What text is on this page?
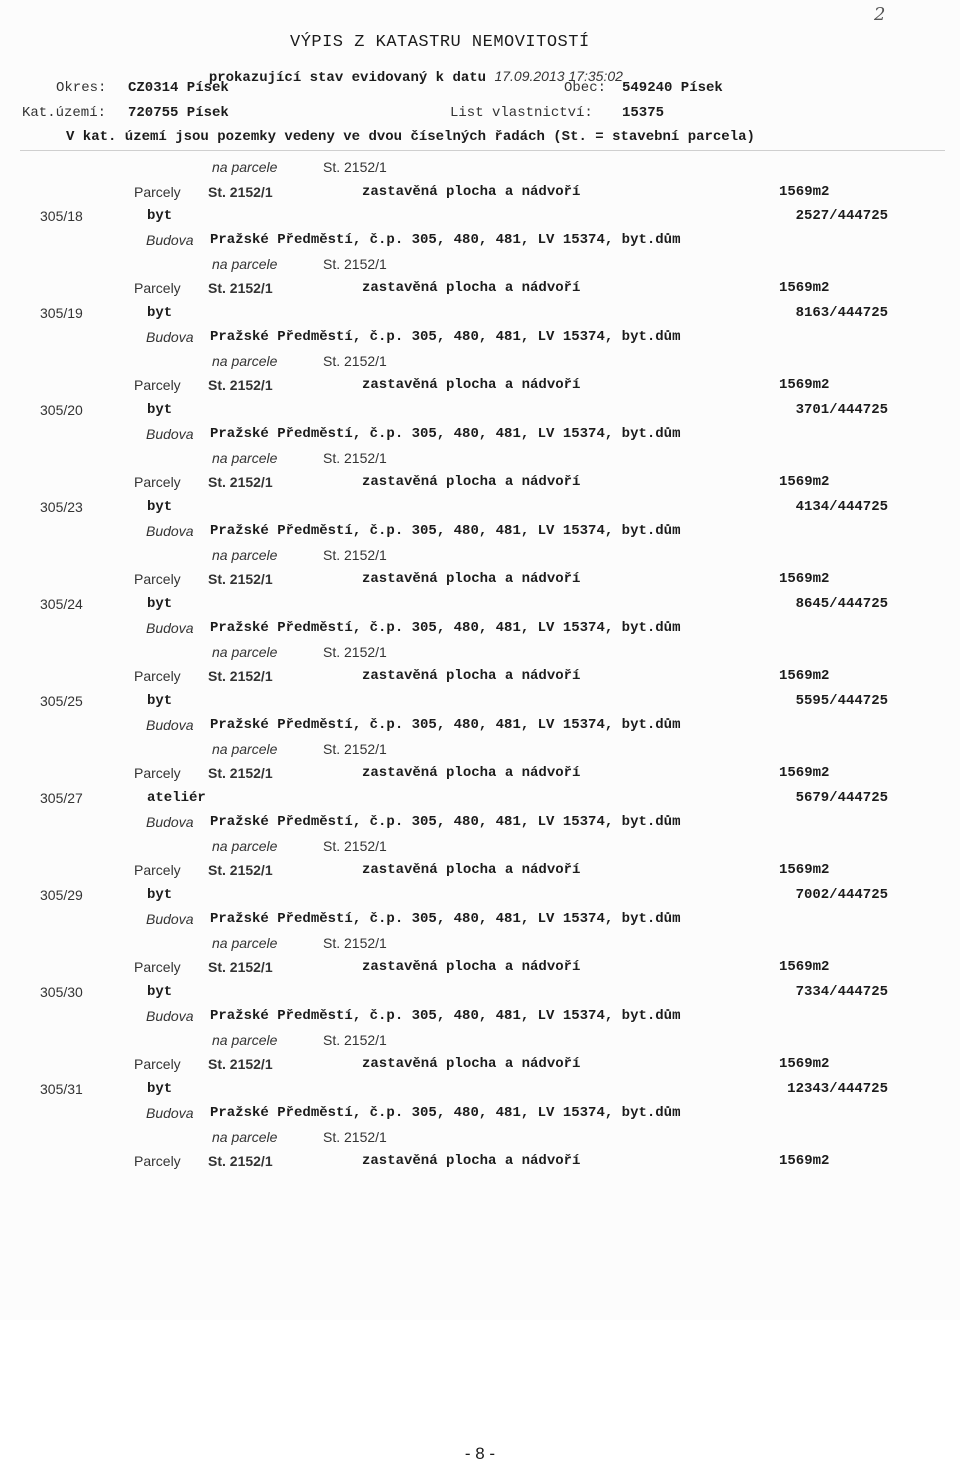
VÝPIS Z KATASTRU NEMOVITOSTÍ
2

prokazující stav evidovaný k datu 17.09.2013 17:35:02

Okres: CZ0314 Písek	Obec: 549240 Písek
Kat.území: 720755 Písek	List vlastnictví: 15375
V kat. území jsou pozemky vedeny ve dvou číselných řadách (St. = stavební parcela)
na parcele	St. 2152/1
Parcely St. 2152/1	zastavěná plocha a nádvoří	1569m2
305/18	byt	2527/444725
Budova Pražské Předměstí, č.p. 305, 480, 481, LV 15374, byt.dům
na parcele	St. 2152/1
Parcely St. 2152/1	zastavěná plocha a nádvoří	1569m2
305/19	byt	8163/444725
Budova Pražské Předměstí, č.p. 305, 480, 481, LV 15374, byt.dům
na parcele	St. 2152/1
Parcely St. 2152/1	zastavěná plocha a nádvoří	1569m2
305/20	byt	3701/444725
Budova Pražské Předměstí, č.p. 305, 480, 481, LV 15374, byt.dům
na parcele	St. 2152/1
Parcely St. 2152/1	zastavěná plocha a nádvoří	1569m2
305/23	byt	4134/444725
Budova Pražské Předměstí, č.p. 305, 480, 481, LV 15374, byt.dům
na parcele	St. 2152/1
Parcely St. 2152/1	zastavěná plocha a nádvoří	1569m2
305/24	byt	8645/444725
Budova Pražské Předměstí, č.p. 305, 480, 481, LV 15374, byt.dům
na parcele	St. 2152/1
Parcely St. 2152/1	zastavěná plocha a nádvoří	1569m2
305/25	byt	5595/444725
Budova Pražské Předměstí, č.p. 305, 480, 481, LV 15374, byt.dům
na parcele	St. 2152/1
Parcely St. 2152/1	zastavěná plocha a nádvoří	1569m2
305/27	ateliér	5679/444725
Budova Pražské Předměstí, č.p. 305, 480, 481, LV 15374, byt.dům
na parcele	St. 2152/1
Parcely St. 2152/1	zastavěná plocha a nádvoří	1569m2
305/29	byt	7002/444725
Budova Pražské Předměstí, č.p. 305, 480, 481, LV 15374, byt.dům
na parcele	St. 2152/1
Parcely St. 2152/1	zastavěná plocha a nádvoří	1569m2
305/30	byt	7334/444725
Budova Pražské Předměstí, č.p. 305, 480, 481, LV 15374, byt.dům
na parcele	St. 2152/1
Parcely St. 2152/1	zastavěná plocha a nádvoří	1569m2
305/31	byt	12343/444725
Budova Pražské Předměstí, č.p. 305, 480, 481, LV 15374, byt.dům
na parcele	St. 2152/1
Parcely St. 2152/1	zastavěná plocha a nádvoří	1569m2
- 8 -
